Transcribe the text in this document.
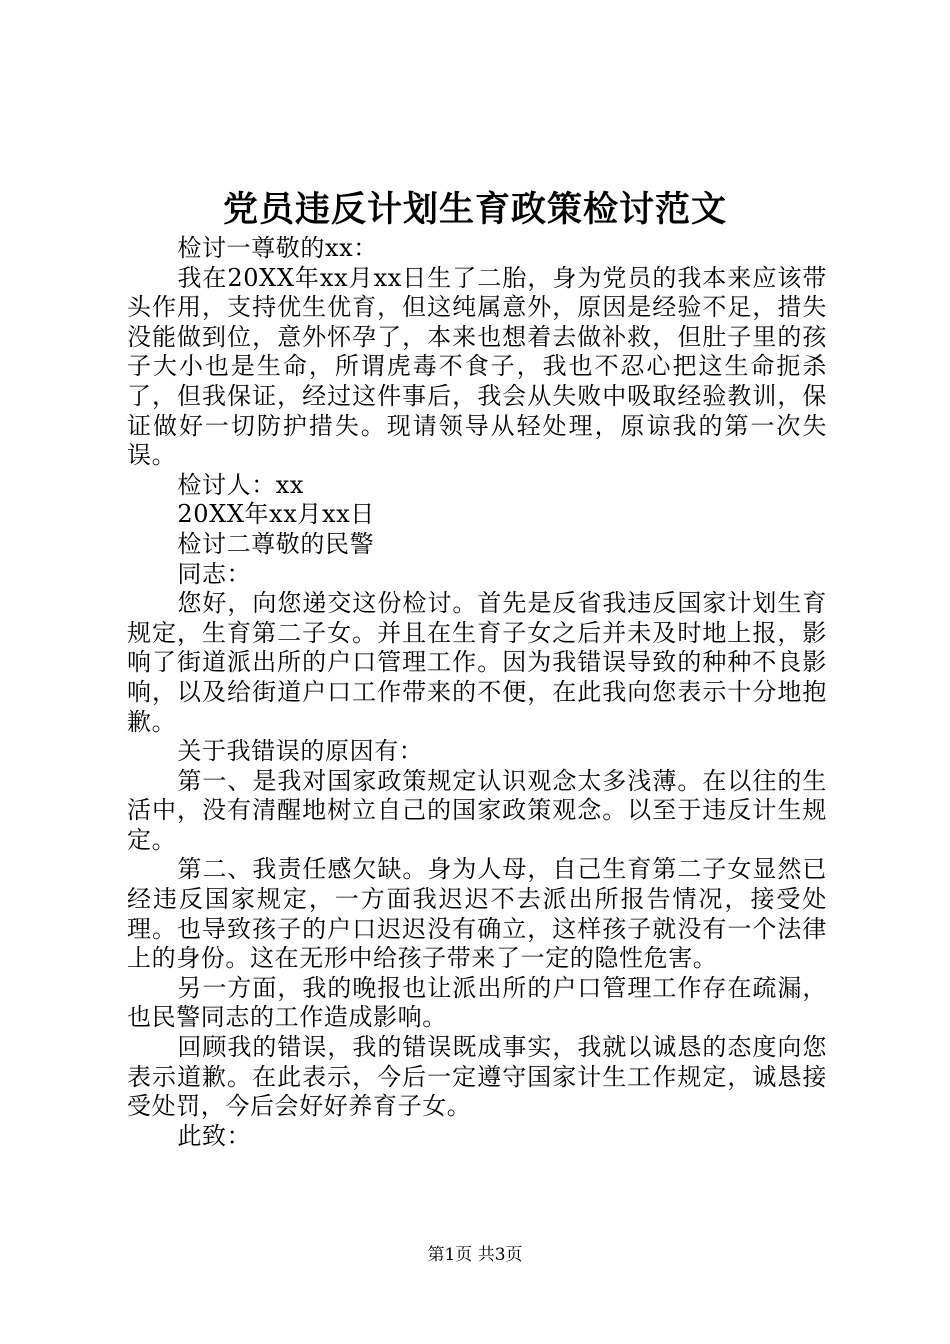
党员违反计划生育政策检讨范文

检讨一尊敬的xx：

我在20XX年xx月xx日生了二胎，身为党员的我本来应该带头作用，支持优生优育，但这纯属意外，原因是经验不足，措失没能做到位，意外怀孕了，本来也想着去做补救，但肚子里的孩子大小也是生命，所谓虎毒不食子，我也不忍心把这生命扼杀了，但我保证，经过这件事后，我会从失败中吸取经验教训，保证做好一切防护措失。现请领导从轻处理，原谅我的第一次失误。

检讨人：xx

20XX年xx月xx日

检讨二尊敬的民警

同志：

您好，向您递交这份检讨。首先是反省我违反国家计划生育规定，生育第二子女。并且在生育子女之后并未及时地上报，影响了街道派出所的户口管理工作。因为我错误导致的种种不良影响，以及给街道户口工作带来的不便，在此我向您表示十分地抱歉。

关于我错误的原因有：

第一、是我对国家政策规定认识观念太多浅薄。在以往的生活中，没有清醒地树立自己的国家政策观念。以至于违反计生规定。

第二、我责任感欠缺。身为人母，自己生育第二子女显然已经违反国家规定，一方面我迟迟不去派出所报告情况，接受处理。也导致孩子的户口迟迟没有确立，这样孩子就没有一个法律上的身份。这在无形中给孩子带来了一定的隐性危害。

另一方面，我的晚报也让派出所的户口管理工作存在疏漏，也民警同志的工作造成影响。

回顾我的错误，我的错误既成事实，我就以诚恳的态度向您表示道歉。在此表示，今后一定遵守国家计生工作规定，诚恳接受处罚，今后会好好养育子女。

此致：

第1页 共3页
